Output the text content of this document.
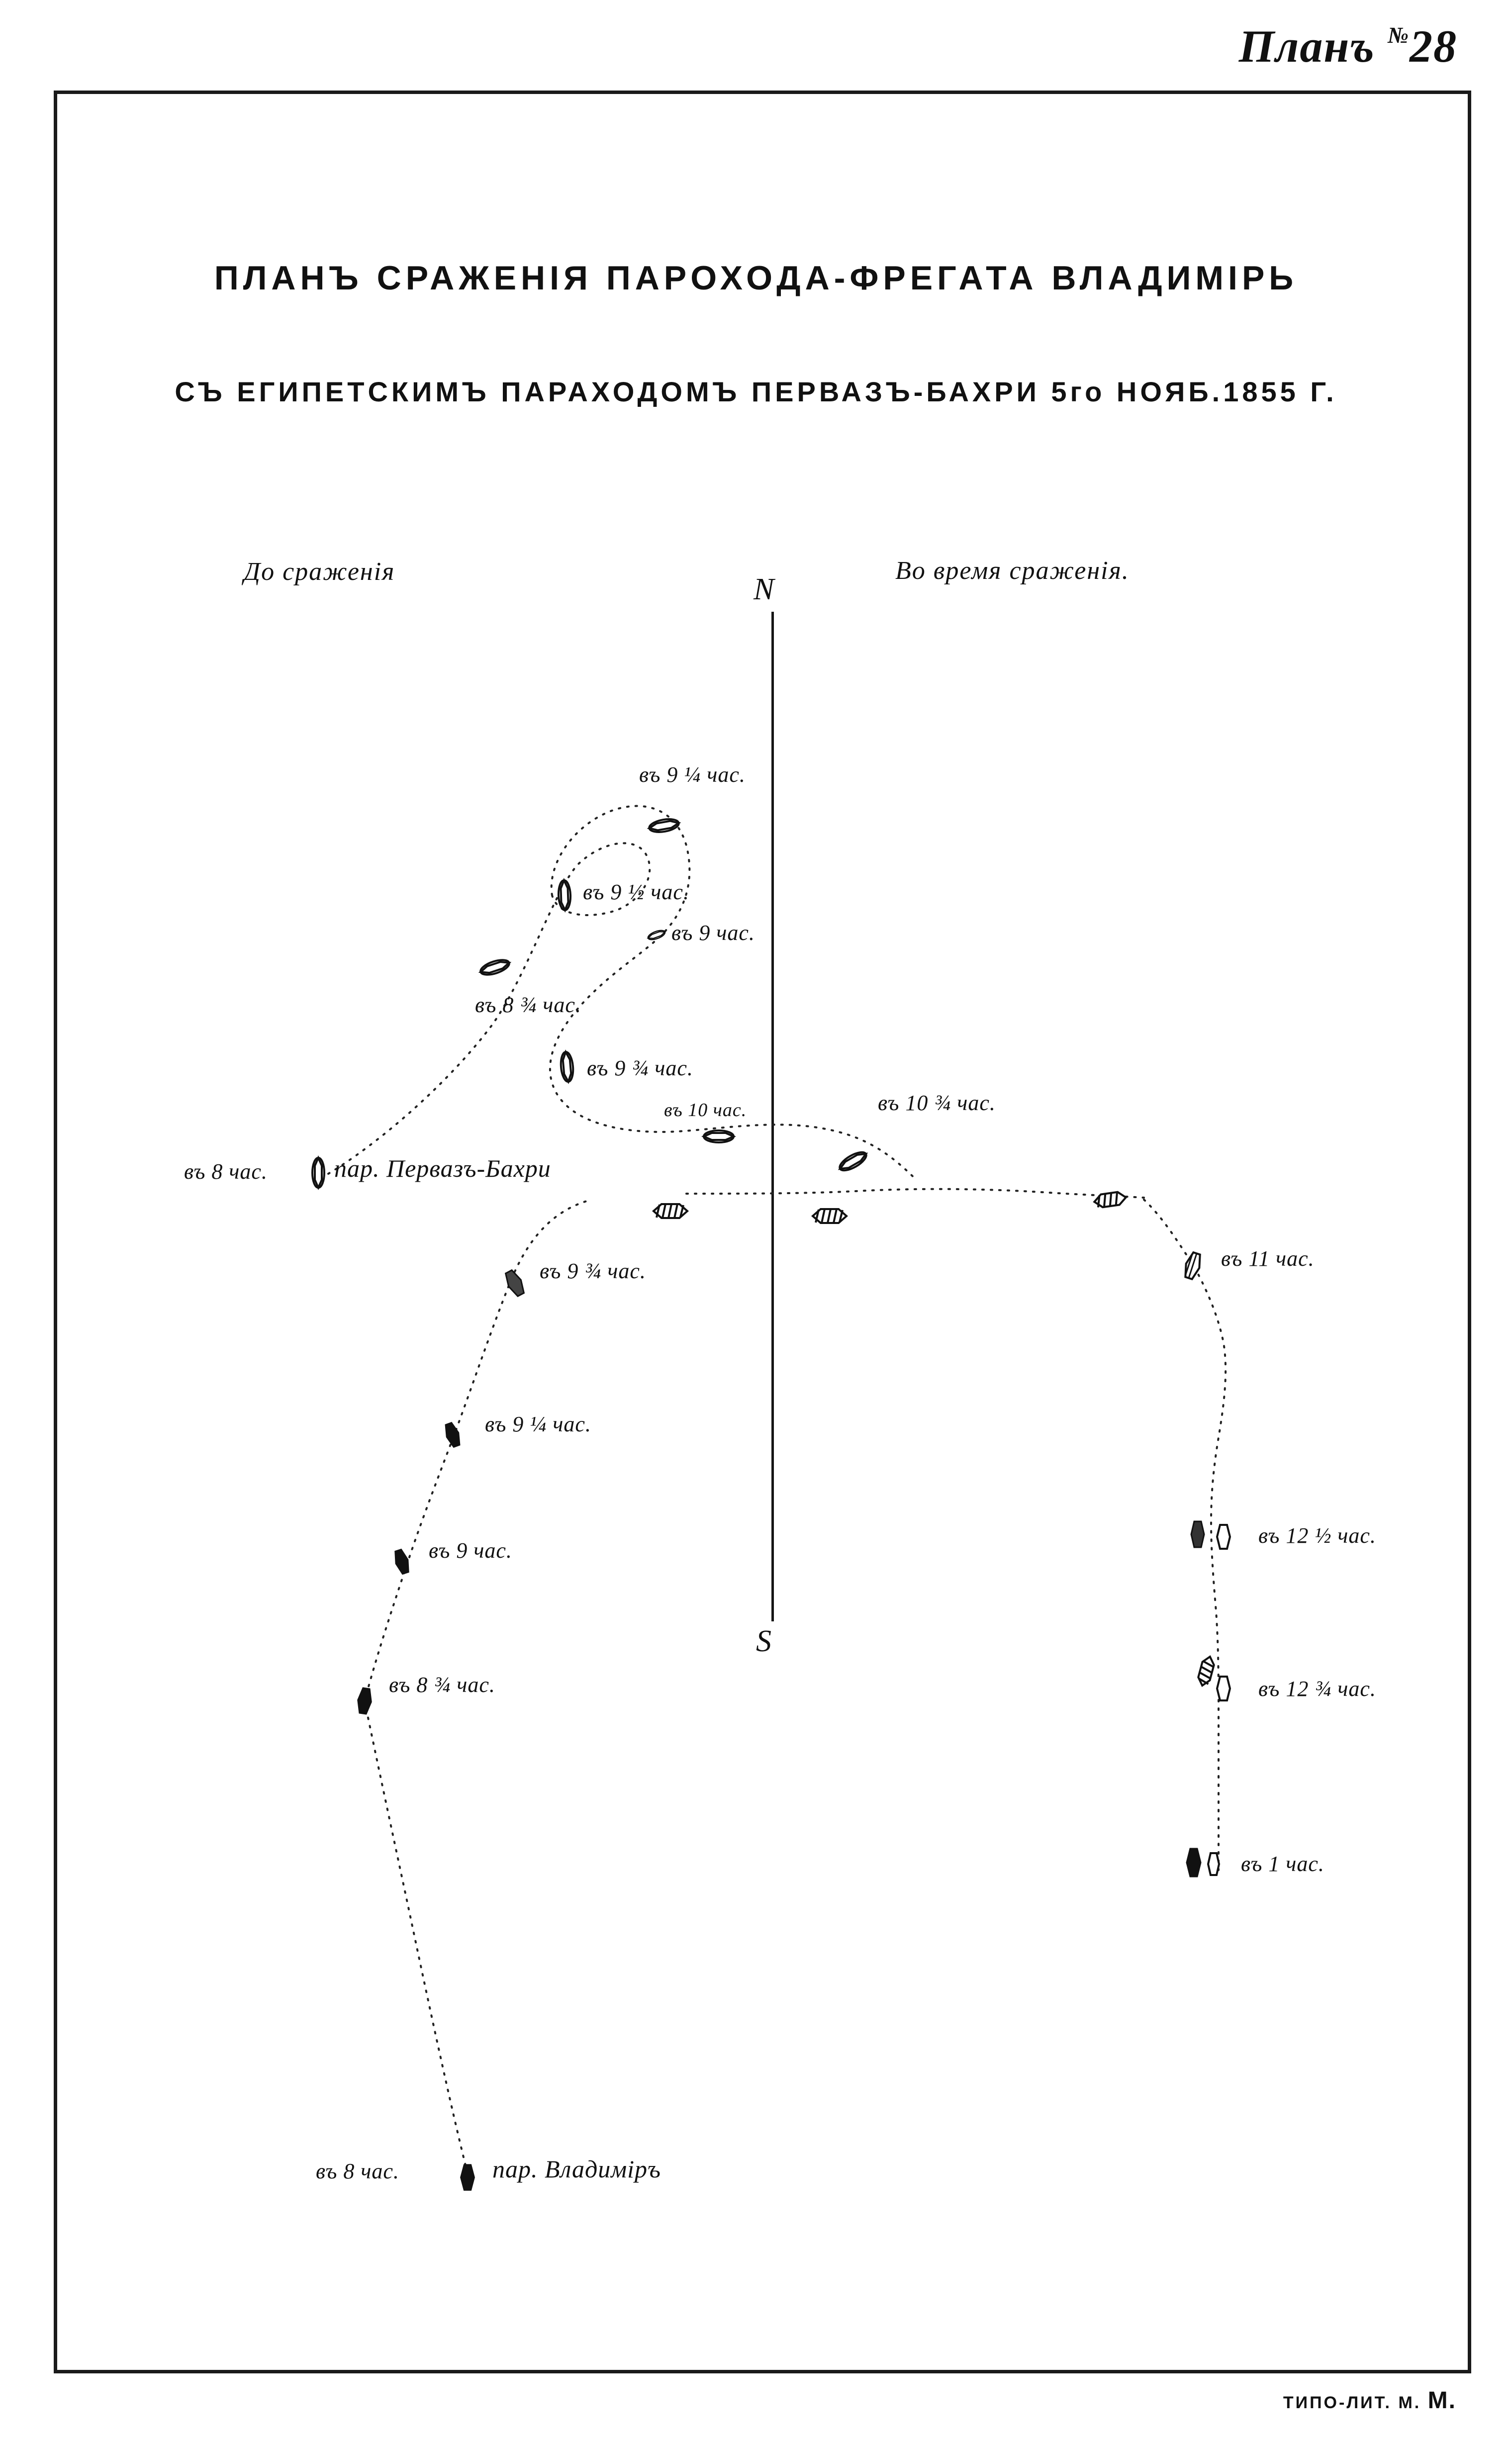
Планъ №28
ПЛАНЪ СРАЖЕНІЯ ПАРОХОДА-ФРЕГАТА ВЛАДИМІРЬ
СЪ ЕГИПЕТСКИМЪ ПАРАХОДОМЪ ПЕРВАЗЪ-БАХРИ 5го НОЯБ.1855 Г.
До сраженія	Во время сраженія.
N
S
въ 9 ¼ час.
въ 9 ½ час.
въ 9 час.
въ 8 ¾ час.
въ 9 ¾ час.
въ 10 час.	въ 10 ¾ час.
въ 8 час.	пар. Первазъ-Бахри
въ 11 час.
въ 9 ¾ час.
въ 9 ¼ час.
въ 9 час.
въ 12 ½ час.
въ 8 ¾ час.	въ 12 ¾ час.
въ 1 час.
въ 8 час.	пар. Владиміръ
ТИПО-ЛИТ. М. М.
